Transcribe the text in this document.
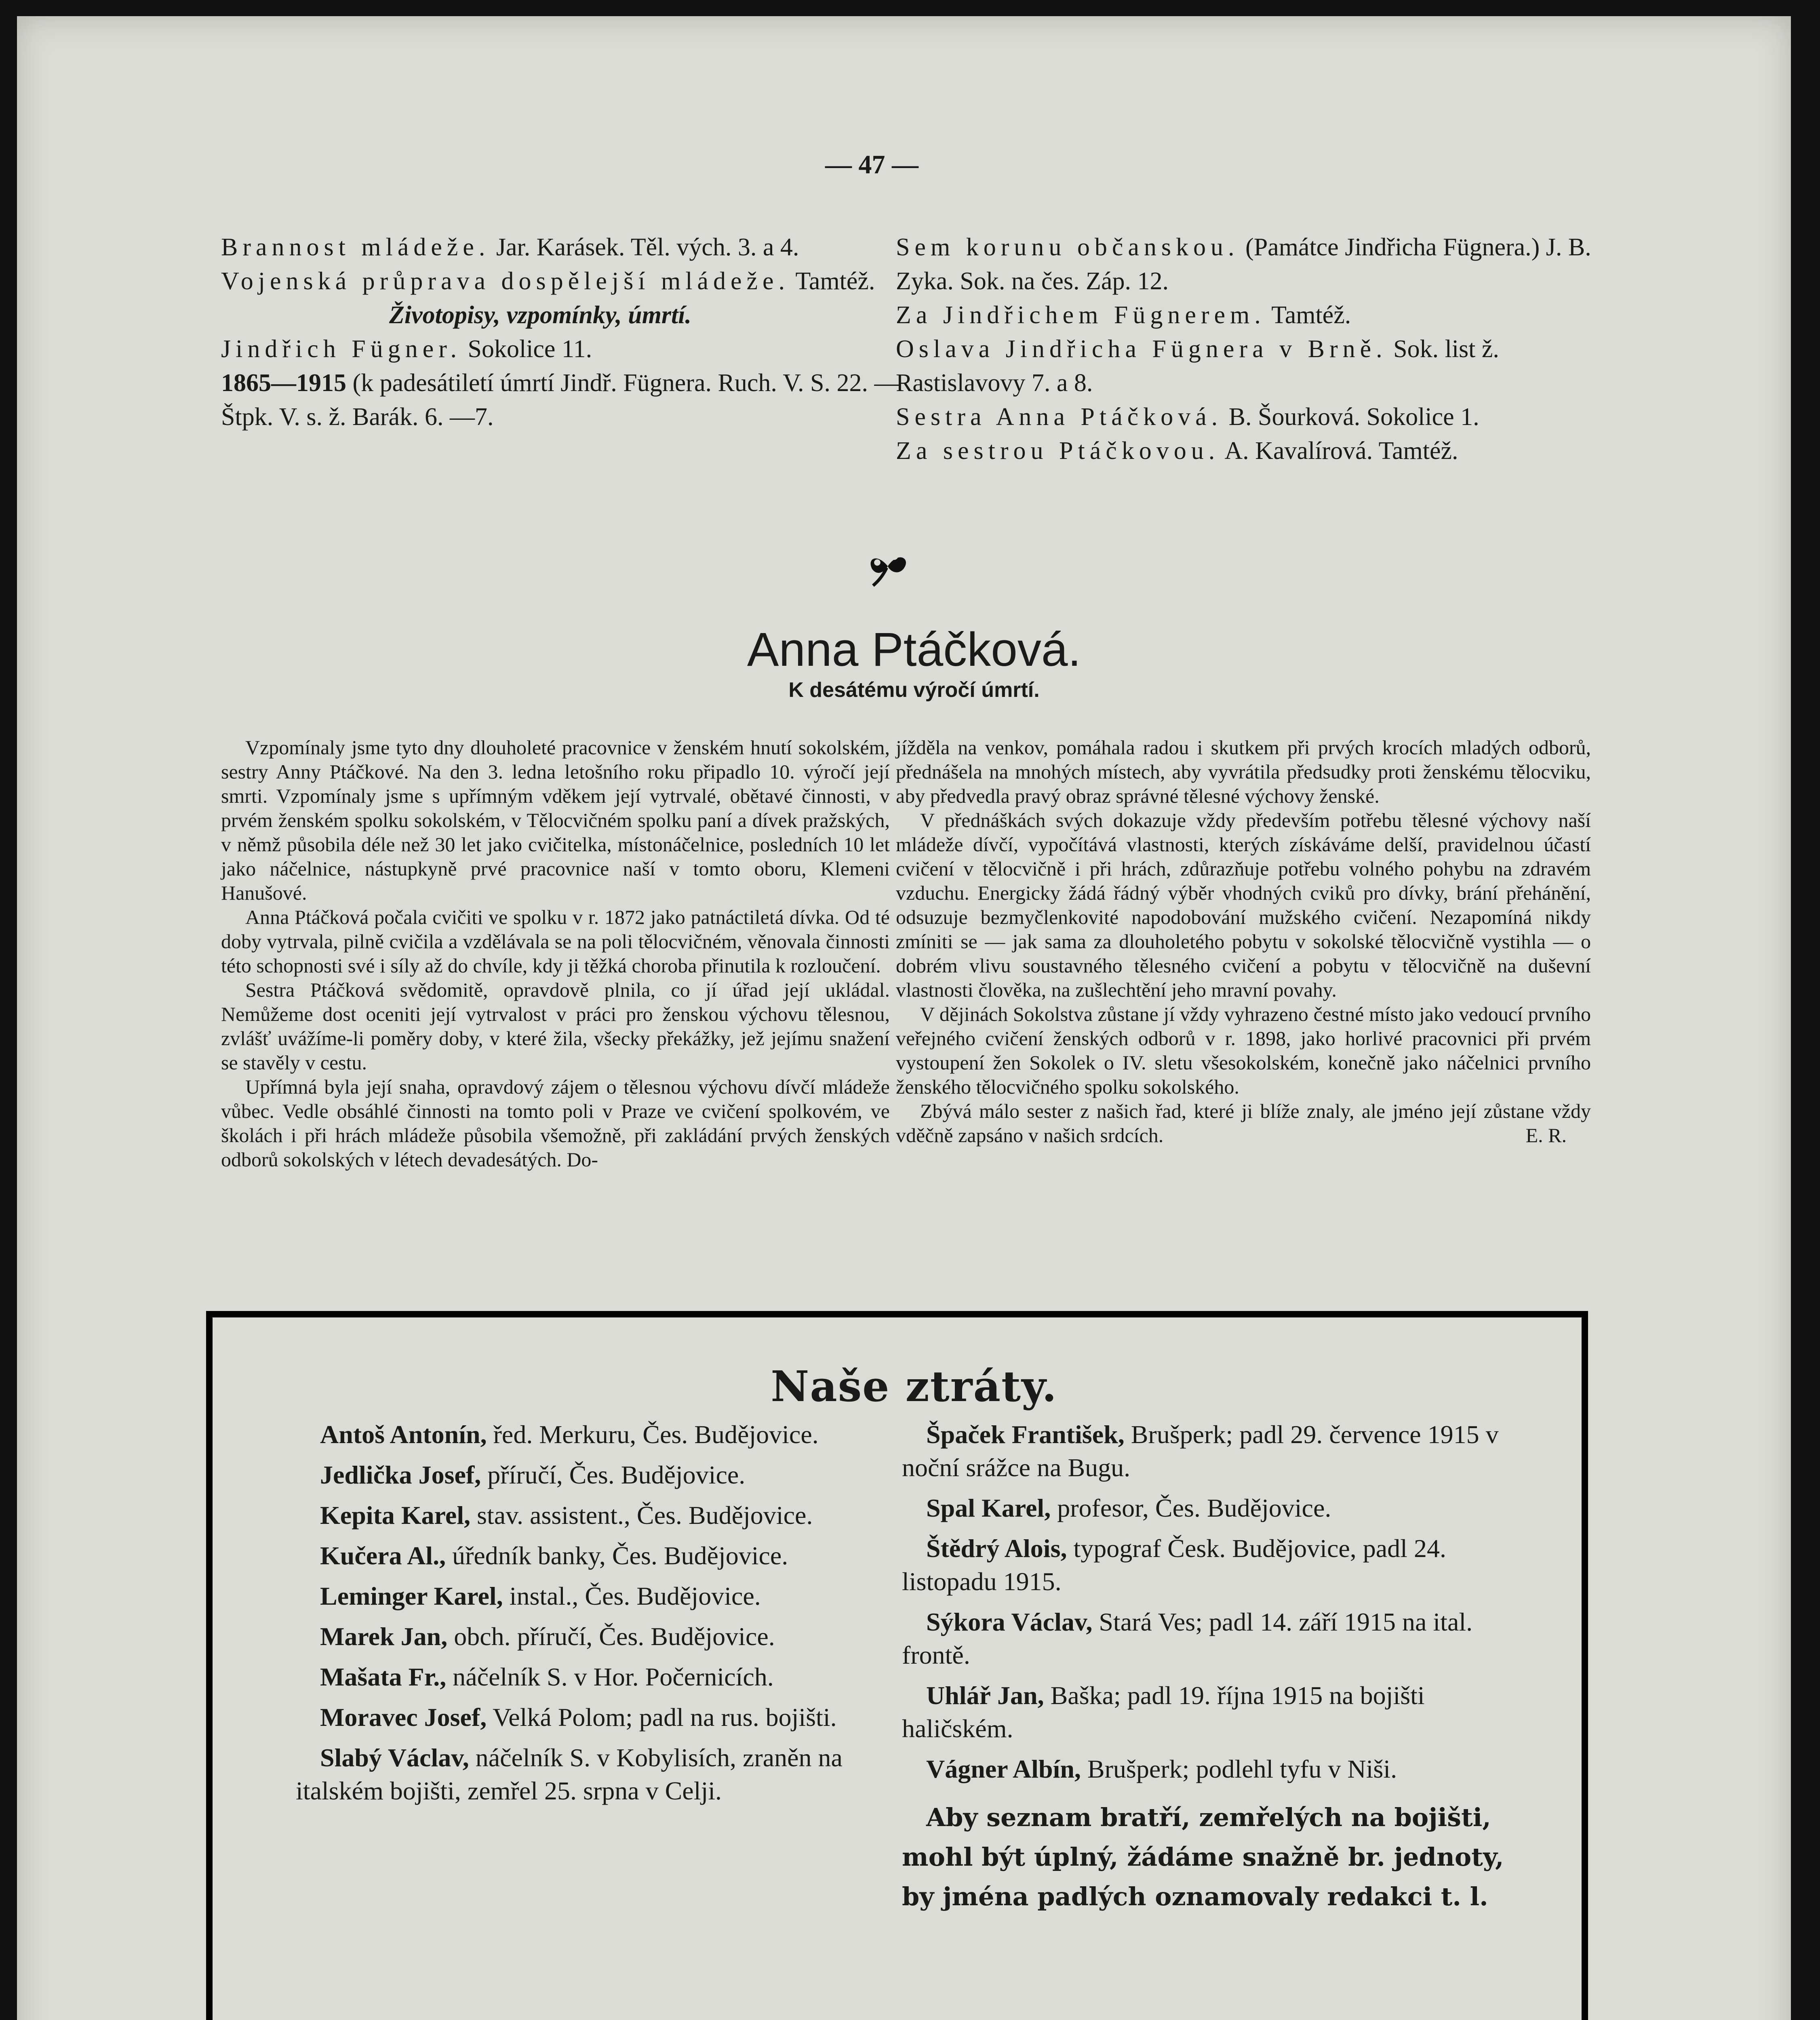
— 47 —

Brannost mládeže. Jar. Karásek. Těl. vých. 3. a 4.

Vojenská průprava dospělejší mládeže. Tamtéž.

Životopisy, vzpomínky, úmrtí.

Jindřich Fügner. Sokolice 11.

1865—1915 (k padesátiletí úmrtí Jindř. Fügnera. Ruch. V. S. 22. — Štpk. V. s. ž. Barák. 6. —7.

Sem korunu občanskou. (Památce Jindřicha Fügnera.) J. B. Zyka. Sok. na čes. Záp. 12.

Za Jindřichem Fügnerem. Tamtéž.

Oslava Jindřicha Fügnera v Brně. Sok. list ž. Rastislavovy 7. a 8.

Sestra Anna Ptáčková. B. Šourková. Sokolice 1.

Za sestrou Ptáčkovou. A. Kavalírová. Tamtéž.

Anna Ptáčková.
K desátému výročí úmrtí.

Vzpomínaly jsme tyto dny dlouholeté pracovnice v ženském hnutí sokolském, sestry Anny Ptáčkové. Na den 3. ledna letošního roku připadlo 10. výročí její smrti. Vzpomínaly jsme s upřímným vděkem její vytrvalé, obětavé činnosti, v prvém ženském spolku sokolském, v Tělocvičném spolku paní a dívek pražských, v němž působila déle než 30 let jako cvičitelka, místonáčelnice, posledních 10 let jako náčelnice, nástupkyně prvé pracovnice naší v tomto oboru, Klemeni Hanušové.

Anna Ptáčková počala cvičiti ve spolku v r. 1872 jako patnáctiletá dívka. Od té doby vytrvala, pilně cvičila a vzdělávala se na poli tělocvičném, věnovala činnosti této schopnosti své i síly až do chvíle, kdy ji těžká choroba přinutila k rozloučení.

Sestra Ptáčková svědomitě, opravdově plnila, co jí úřad její ukládal. Nemůžeme dost oceniti její vytrvalost v práci pro ženskou výchovu tělesnou, zvlášť uvážíme-li poměry doby, v které žila, všecky překážky, jež jejímu snažení se stavěly v cestu.

Upřímná byla její snaha, opravdový zájem o tělesnou výchovu dívčí mládeže vůbec. Vedle obsáhlé činnosti na tomto poli v Praze ve cvičení spolkovém, ve školách i při hrách mládeže působila všemožně, při zakládání prvých ženských odborů sokolských v létech devadesátých. Do-

jížděla na venkov, pomáhala radou i skutkem při prvých krocích mladých odborů, přednášela na mnohých místech, aby vyvrátila předsudky proti ženskému tělocviku, aby předvedla pravý obraz správné tělesné výchovy ženské.

V přednáškách svých dokazuje vždy především potřebu tělesné výchovy naší mládeže dívčí, vypočítává vlastnosti, kterých získáváme delší, pravidelnou účastí cvičení v tělocvičně i při hrách, zdůrazňuje potřebu volného pohybu na zdravém vzduchu. Energicky žádá řádný výběr vhodných cviků pro dívky, brání přehánění, odsuzuje bezmyčlenkovité napodobování mužského cvičení. Nezapomíná nikdy zmíniti se — jak sama za dlouholetého pobytu v sokolské tělocvičně vystihla — o dobrém vlivu soustavného tělesného cvičení a pobytu v tělocvičně na duševní vlastnosti člověka, na zušlechtění jeho mravní povahy.

V dějinách Sokolstva zůstane jí vždy vyhrazeno čestné místo jako vedoucí prvního veřejného cvičení ženských odborů v r. 1898, jako horlivé pracovnici při prvém vystoupení žen Sokolek o IV. sletu všesokolském, konečně jako náčelnici prvního ženského tělocvičného spolku sokolského.

Zbývá málo sester z našich řad, které ji blíže znaly, ale jméno její zůstane vždy vděčně zapsáno v našich srdcích.	E. R.
Naše ztráty.

Antoš Antonín, řed. Merkuru, Čes. Budějovice.

Jedlička Josef, příručí, Čes. Budějovice.

Kepita Karel, stav. assistent., Čes. Budějovice.

Kučera Al., úředník banky, Čes. Budějovice.

Leminger Karel, instal., Čes. Budějovice.

Marek Jan, obch. příručí, Čes. Budějovice.

Mašata Fr., náčelník S. v Hor. Počernicích.

Moravec Josef, Velká Polom; padl na rus. bojišti.

Slabý Václav, náčelník S. v Kobylisích, zraněn na italském bojišti, zemřel 25. srpna v Celji.

Špaček František, Brušperk; padl 29. července 1915 v noční srážce na Bugu.

Spal Karel, profesor, Čes. Budějovice.

Štědrý Alois, typograf Česk. Budějovice, padl 24. listopadu 1915.

Sýkora Václav, Stará Ves; padl 14. září 1915 na ital. frontě.

Uhlář Jan, Baška; padl 19. října 1915 na bojišti haličském.

Vágner Albín, Brušperk; podlehl tyfu v Niši.

Aby seznam bratří, zemřelých na bojišti, mohl být úplný, žádáme snažně br. jednoty, by jména padlých oznamovaly redakci t. l.
